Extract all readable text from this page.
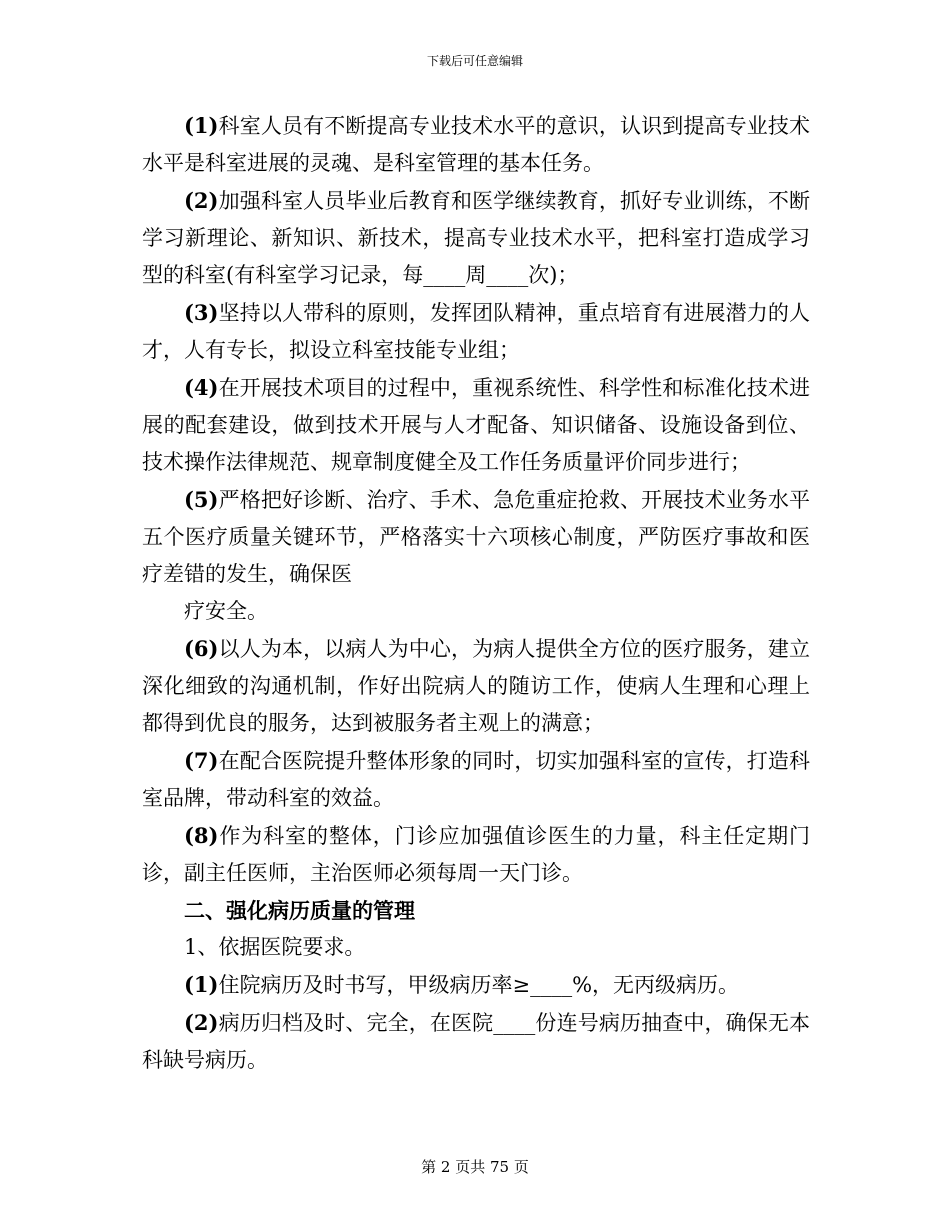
下载后可任意编辑

(1)科室人员有不断提高专业技术水平的意识，认识到提高专业技术水平是科室进展的灵魂、是科室管理的基本任务。

(2)加强科室人员毕业后教育和医学继续教育，抓好专业训练，不断学习新理论、新知识、新技术，提高专业技术水平，把科室打造成学习型的科室(有科室学习记录，每____周____次)；

(3)坚持以人带科的原则，发挥团队精神，重点培育有进展潜力的人才，人有专长，拟设立科室技能专业组；

(4)在开展技术项目的过程中，重视系统性、科学性和标准化技术进展的配套建设，做到技术开展与人才配备、知识储备、设施设备到位、技术操作法律规范、规章制度健全及工作任务质量评价同步进行；

(5)严格把好诊断、治疗、手术、急危重症抢救、开展技术业务水平五个医疗质量关键环节，严格落实十六项核心制度，严防医疗事故和医疗差错的发生，确保医

疗安全。

(6)以人为本，以病人为中心，为病人提供全方位的医疗服务，建立深化细致的沟通机制，作好出院病人的随访工作，使病人生理和心理上都得到优良的服务，达到被服务者主观上的满意；

(7)在配合医院提升整体形象的同时，切实加强科室的宣传，打造科室品牌，带动科室的效益。

(8)作为科室的整体，门诊应加强值诊医生的力量，科主任定期门诊，副主任医师，主治医师必须每周一天门诊。

二、强化病历质量的管理

1、依据医院要求。

(1)住院病历及时书写，甲级病历率≥____%，无丙级病历。

(2)病历归档及时、完全，在医院____份连号病历抽查中，确保无本科缺号病历。

第 2 页共 75 页
